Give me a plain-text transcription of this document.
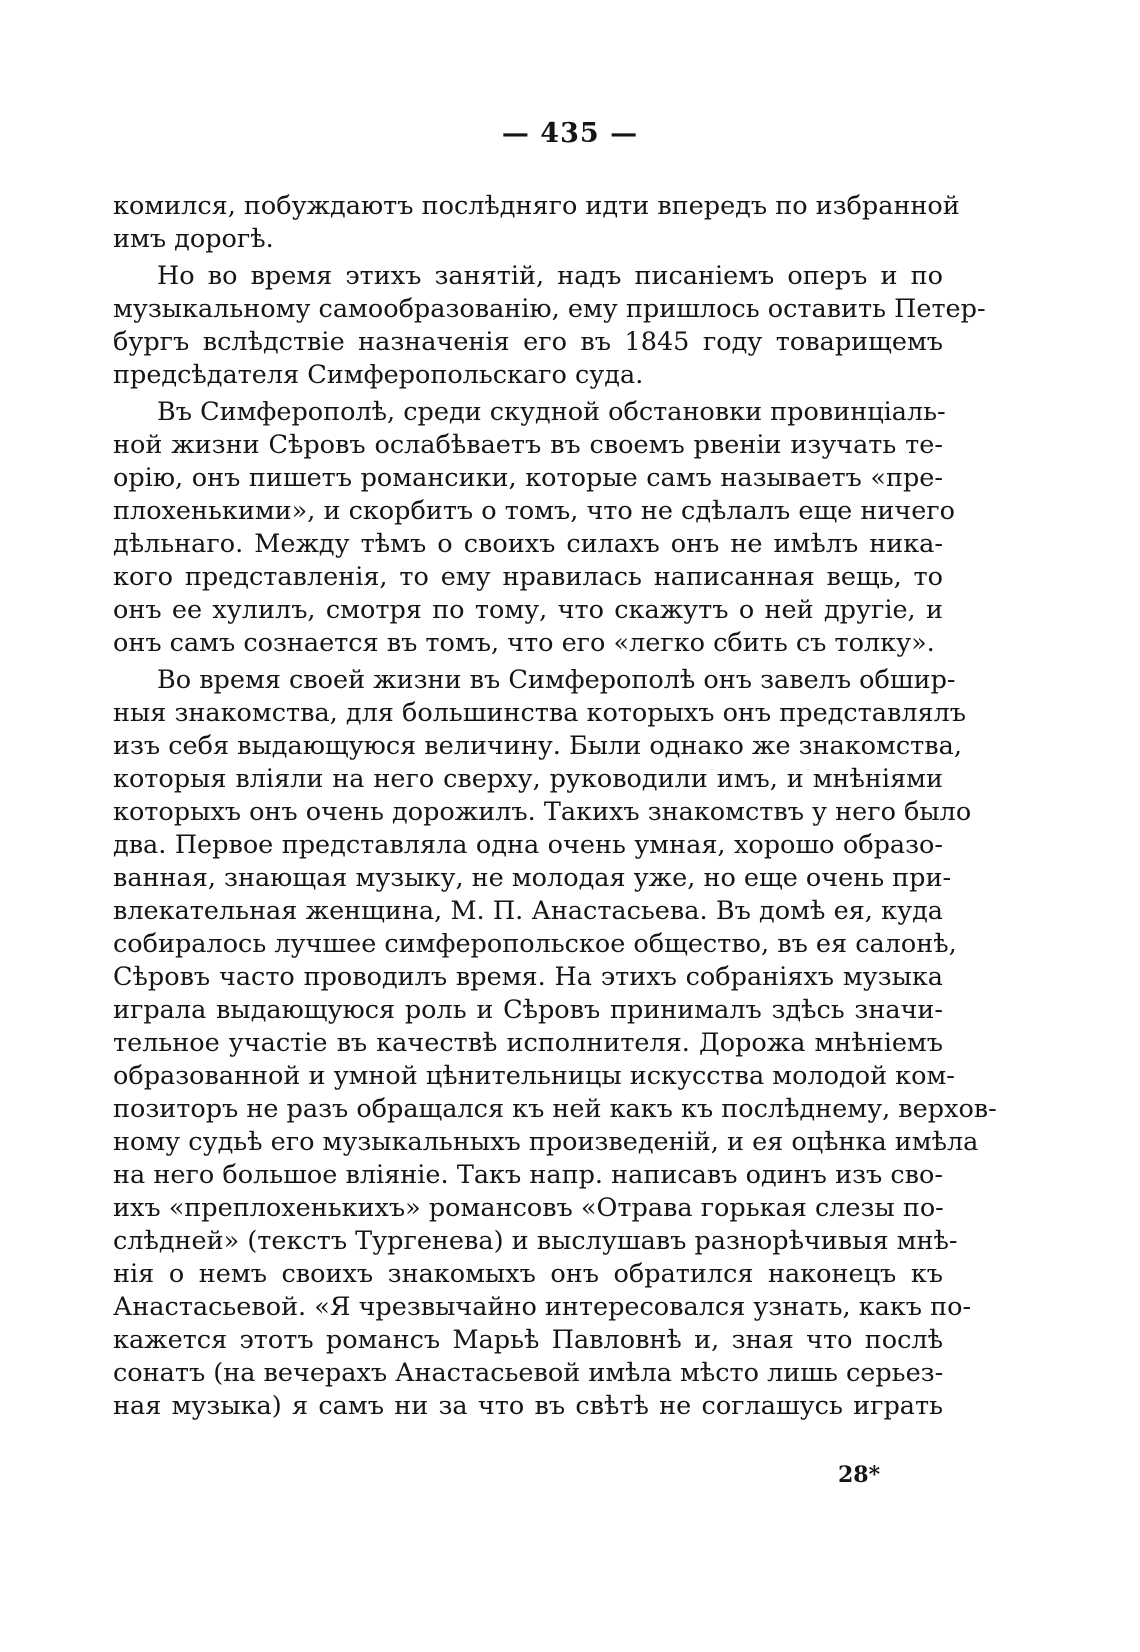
— 435 —
комился, побуждаютъ послѣдняго идти впередъ по избранной
имъ дорогѣ.
Но во время этихъ занятій, надъ писаніемъ оперъ и по
музыкальному самообразованію, ему пришлось оставить Петер-
бургъ вслѣдствіе назначенія его въ 1845 году товарищемъ
предсѣдателя Симферопольскаго суда.
Въ Симферополѣ, среди скудной обстановки провинціаль-
ной жизни Сѣровъ ослабѣваетъ въ своемъ рвеніи изучать те-
орію, онъ пишетъ романсики, которые самъ называетъ «пре-
плохенькими», и скорбитъ о томъ, что не сдѣлалъ еще ничего
дѣльнаго. Между тѣмъ о своихъ силахъ онъ не имѣлъ ника-
кого представленія, то ему нравилась написанная вещь, то
онъ ее хулилъ, смотря по тому, что скажутъ о ней другіе, и
онъ самъ сознается въ томъ, что его «легко сбить съ толку».
Во время своей жизни въ Симферополѣ онъ завелъ обшир-
ныя знакомства, для большинства которыхъ онъ представлялъ
изъ себя выдающуюся величину. Были однако же знакомства,
которыя вліяли на него сверху, руководили имъ, и мнѣніями
которыхъ онъ очень дорожилъ. Такихъ знакомствъ у него было
два. Первое представляла одна очень умная, хорошо образо-
ванная, знающая музыку, не молодая уже, но еще очень при-
влекательная женщина, М. П. Анастасьева. Въ домѣ ея, куда
собиралось лучшее симферопольское общество, въ ея салонѣ,
Сѣровъ часто проводилъ время. На этихъ собраніяхъ музыка
играла выдающуюся роль и Сѣровъ принималъ здѣсь значи-
тельное участіе въ качествѣ исполнителя. Дорожа мнѣніемъ
образованной и умной цѣнительницы искусства молодой ком-
позиторъ не разъ обращался къ ней какъ къ послѣднему, верхов-
ному судьѣ его музыкальныхъ произведеній, и ея оцѣнка имѣла
на него большое вліяніе. Такъ напр. написавъ одинъ изъ сво-
ихъ «преплохенькихъ» романсовъ «Отрава горькая слезы по-
слѣдней» (текстъ Тургенева) и выслушавъ разнорѣчивыя мнѣ-
нія о немъ своихъ знакомыхъ онъ обратился наконецъ къ
Анастасьевой. «Я чрезвычайно интересовался узнать, какъ по-
кажется этотъ романсъ Марьѣ Павловнѣ и, зная что послѣ
сонатъ (на вечерахъ Анастасьевой имѣла мѣсто лишь серьез-
ная музыка) я самъ ни за что въ свѣтѣ не соглашусь играть
28*
